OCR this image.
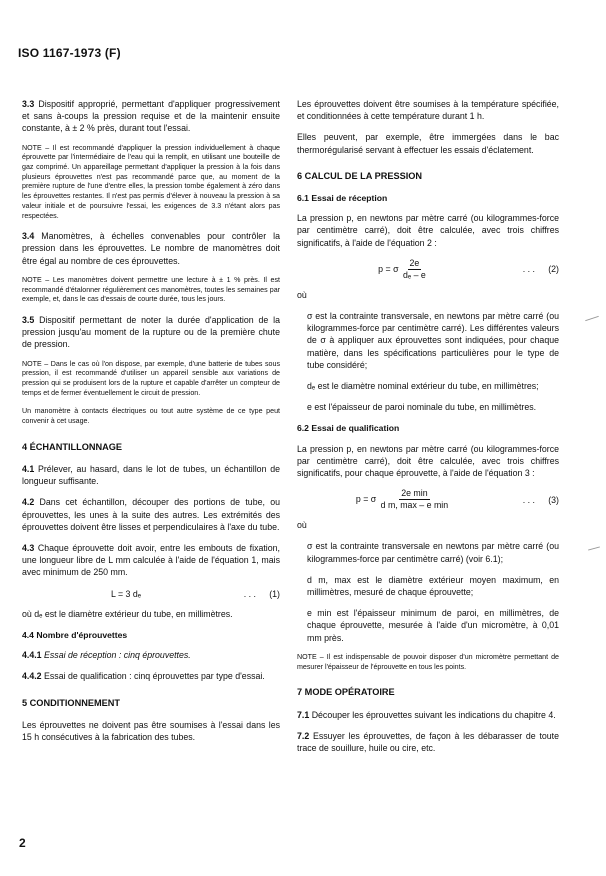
ISO 1167-1973 (F)

3.3 Dispositif approprié, permettant d'appliquer progressivement et sans à-coups la pression requise et de la maintenir ensuite constante, à ± 2 % près, durant tout l'essai.

NOTE – Il est recommandé d'appliquer la pression individuellement à chaque éprouvette par l'intermédiaire de l'eau qui la remplit, en utilisant une bouteille de gaz comprimé. Un appareillage permettant d'appliquer la pression à la fois dans plusieurs éprouvettes n'est pas recommandé parce que, au moment de la première rupture de l'une d'entre elles, la pression tombe également à zéro dans les éprouvettes restantes. Il n'est pas permis d'élever à nouveau la pression à sa valeur initiale et de poursuivre l'essai, les exigences de 3.3 n'étant alors pas respectées.

3.4 Manomètres, à échelles convenables pour contrôler la pression dans les éprouvettes. Le nombre de manomètres doit être égal au nombre de ces éprouvettes.

NOTE – Les manomètres doivent permettre une lecture à ± 1 % près. Il est recommandé d'étalonner régulièrement ces manomètres, toutes les semaines par exemple, et, dans le cas d'essais de courte durée, tous les jours.

3.5 Dispositif permettant de noter la durée d'application de la pression jusqu'au moment de la rupture ou de la première chute de pression.

NOTE – Dans le cas où l'on dispose, par exemple, d'une batterie de tubes sous pression, il est recommandé d'utiliser un appareil sensible aux variations de pression qui se produisent lors de la rupture et capable d'arrêter un compteur de temps et de fermer éventuellement le circuit de pression.
Un manomètre à contacts électriques ou tout autre système de ce type peut convenir à cet usage.
4 ÉCHANTILLONNAGE

4.1 Prélever, au hasard, dans le lot de tubes, un échantillon de longueur suffisante.

4.2 Dans cet échantillon, découper des portions de tube, ou éprouvettes, les unes à la suite des autres. Les extrémités des éprouvettes doivent être lisses et perpendiculaires à l'axe du tube.

4.3 Chaque éprouvette doit avoir, entre les embouts de fixation, une longueur libre de L mm calculée à l'aide de l'équation 1, mais avec minimum de 250 mm.

L = 3 dₑ	. . .	(1)

où dₑ est le diamètre extérieur du tube, en millimètres.

4.4 Nombre d'éprouvettes

4.4.1 Essai de réception : cinq éprouvettes.

4.4.2 Essai de qualification : cinq éprouvettes par type d'essai.

5 CONDITIONNEMENT

Les éprouvettes ne doivent pas être soumises à l'essai dans les 15 h consécutives à la fabrication des tubes.

Les éprouvettes doivent être soumises à la température spécifiée, et conditionnées à cette température durant 1 h.

Elles peuvent, par exemple, être immergées dans le bac thermorégularisé servant à effectuer les essais d'éclatement.

6 CALCUL DE LA PRESSION
6.1 Essai de réception

La pression p, en newtons par mètre carré (ou kilogrammes-force par centimètre carré), doit être calculée, avec trois chiffres significatifs, à l'aide de l'équation 2 :

p = σ $\frac{2e}{\text{dₑ – e}}$	. . .	(2)

où

σ est la contrainte transversale, en newtons par mètre carré (ou kilogrammes-force par centimètre carré). Les différentes valeurs de σ à appliquer aux éprouvettes sont indiquées, pour chaque matière, dans les spécifications particulières pour le type de tube considéré;

dₑ est le diamètre nominal extérieur du tube, en millimètres;

e est l'épaisseur de paroi nominale du tube, en millimètres.

6.2 Essai de qualification

La pression p, en newtons par mètre carré (ou kilogrammes-force par centimètre carré), doit être calculée, avec trois chiffres significatifs, pour chaque éprouvette, à l'aide de l'équation 3 :

p = σ $\frac{\text{2e min}}{\text{d m, max – e min}}$	. . .	(3)

où

σ est la contrainte transversale en newtons par mètre carré (ou kilogrammes-force par centimètre carré) (voir 6.1);

d m, max est le diamètre extérieur moyen maximum, en millimètres, mesuré de chaque éprouvette;

e min est l'épaisseur minimum de paroi, en millimètres, de chaque éprouvette, mesurée à l'aide d'un micromètre, à 0,01 mm près.

NOTE – Il est indispensable de pouvoir disposer d'un micromètre permettant de mesurer l'épaisseur de l'éprouvette en tous les points.
7 MODE OPÉRATOIRE

7.1 Découper les éprouvettes suivant les indications du chapitre 4.

7.2 Essuyer les éprouvettes, de façon à les débarasser de toute trace de souillure, huile ou cire, etc.

2
